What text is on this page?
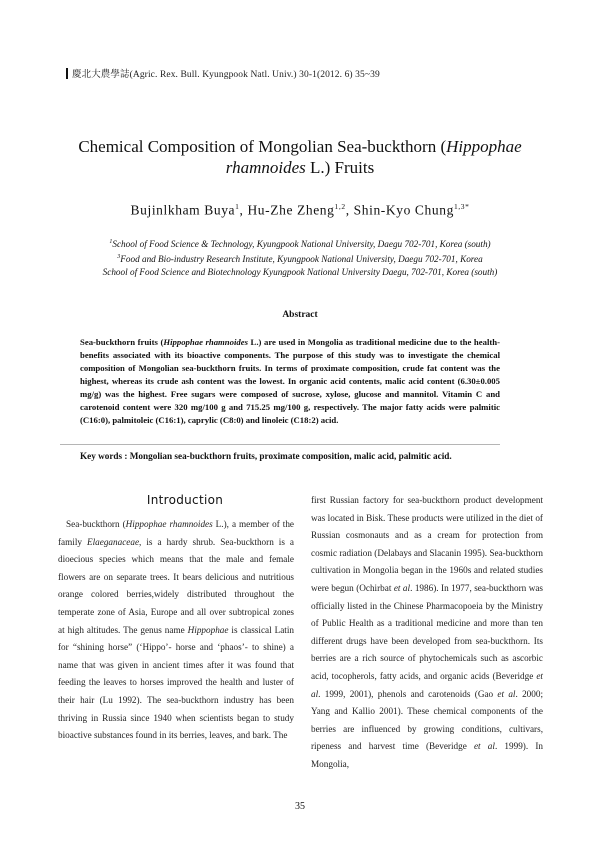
慶北大農學誌(Agric. Rex. Bull. Kyungpook Natl. Univ.) 30-1(2012. 6) 35~39
Chemical Composition of Mongolian Sea-buckthorn (Hippophae rhamnoides L.) Fruits
Bujinlkham Buya$^1$, Hu-Zhe Zheng$^{1,2}$, Shin-Kyo Chung$^{1,3*}$
$^1$School of Food Science & Technology, Kyungpook National University, Daegu 702-701, Korea (south)
$^3$Food and Bio-industry Research Institute, Kyungpook National University, Daegu 702-701, Korea
School of Food Science and Biotechnology Kyungpook National University Daegu, 702-701, Korea (south)
Abstract
Sea-buckthorn fruits (Hippophae rhamnoides L.) are used in Mongolia as traditional medicine due to the health-benefits associated with its bioactive components. The purpose of this study was to investigate the chemical composition of Mongolian sea-buckthorn fruits. In terms of proximate composition, crude fat content was the highest, whereas its crude ash content was the lowest. In organic acid contents, malic acid content (6.30±0.005 mg/g) was the highest. Free sugars were composed of sucrose, xylose, glucose and mannitol. Vitamin C and carotenoid content were 320 mg/100 g and 715.25 mg/100 g, respectively. The major fatty acids were palmitic (C16:0), palmitoleic (C16:1), caprylic (C8:0) and linoleic (C18:2) acid.
Key words : Mongolian sea-buckthorn fruits, proximate composition, malic acid, palmitic acid.
Introduction
Sea-buckthorn (Hippophae rhamnoides L.), a member of the family Elaeganaceae, is a hardy shrub. Sea-buckthorn is a dioecious species which means that the male and female flowers are on separate trees. It bears delicious and nutritious orange colored berries,widely distributed throughout the temperate zone of Asia, Europe and all over subtropical zones at high altitudes. The genus name Hippophae is classical Latin for “shining horse” (‘Hippo’- horse and ‘phaos’- to shine) a name that was given in ancient times after it was found that feeding the leaves to horses improved the health and luster of their hair (Lu 1992). The sea-buckthorn industry has been thriving in Russia since 1940 when scientists began to study bioactive substances found in its berries, leaves, and bark. The
first Russian factory for sea-buckthorn product development was located in Bisk. These products were utilized in the diet of Russian cosmonauts and as a cream for protection from cosmic radiation (Delabays and Slacanin 1995). Sea-buckthorn cultivation in Mongolia began in the 1960s and related studies were begun (Ochirbat et al. 1986). In 1977, sea-buckthorn was officially listed in the Chinese Pharmacopoeia by the Ministry of Public Health as a traditional medicine and more than ten different drugs have been developed from sea-buckthorn. Its berries are a rich source of phytochemicals such as ascorbic acid, tocopherols, fatty acids, and organic acids (Beveridge et al. 1999, 2001), phenols and carotenoids (Gao et al. 2000; Yang and Kallio 2001). These chemical components of the berries are influenced by growing conditions, cultivars, ripeness and harvest time (Beveridge et al. 1999). In Mongolia,
35
